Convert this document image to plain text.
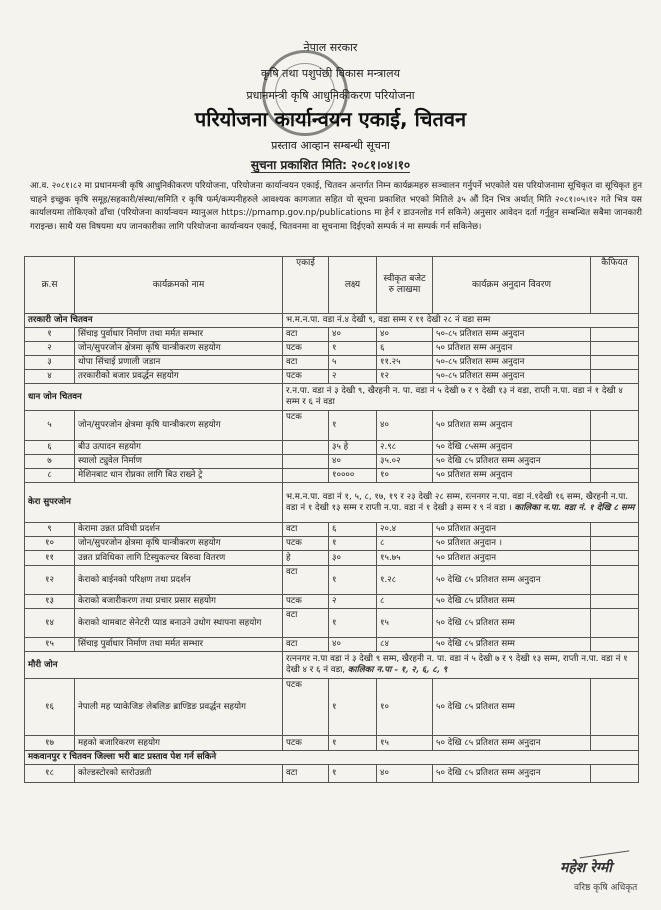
नेपाल सरकार
कृषि तथा पशुपंछी विकास मन्त्रालय
प्रधानमन्त्री कृषि आधुनिकीकरण परियोजना
परियोजना कार्यान्वयन एकाई, चितवन
प्रस्ताव आव्हान सम्बन्धी सूचना
सुचना प्रकाशित मिति: २०८१।०४।१०
आ.व. २०८१।८२ मा प्रधानमन्त्री कृषि आधुनिकीकरण परियोजना, परियोजना कार्यान्वयन एकाई, चितवन अन्तर्गत निम्न कार्यक्रमहरु सञ्चालन गर्नुपर्ने भएकोले यस परियोजनामा सूचिकृत वा सूचिकृत हुन चाहने इच्छुक कृषि समूह/सहकारी/संस्था/समिति र कृषि फर्म/कम्पनीहरुले आवश्यक कागजात सहित यो सूचना प्रकाशित भएको मितिले ३५ औं दिन भित्र अर्थात् मिति २०८१।०५।१२ गते भित्र यस कार्यालयमा तोकिएको ढाँचा (परियोजना कार्यान्वयन म्यानुअल https://pmamp.gov.np/publications मा हेर्न र डाउनलोड गर्न सकिने) अनुसार आवेदन दर्ता गर्नुहुन सम्बन्धित सबैमा जानकारी गराइन्छ। साथै यस विषयमा थप जानकारीका लागि परियोजना कार्यान्वयन एकाई, चितवनमा वा सूचनामा दिईएको सम्पर्क नं मा सम्पर्क गर्न सकिनेछ।
क्र.स	कार्यक्रमको नाम	एकाई	लक्ष्य	स्वीकृत बजेट रु लाखमा	कार्यक्रम अनुदान विवरण	कैफियत
तरकारी जोन चितवन		भ.म.न.पा. वडा नं.४ देखी ९, वडा सम्म र ११ देखी २८ नं वडा सम्म				
१	सिंचाइ पुर्वाधार निर्माण तथा मर्मत सम्भार	वटा	४०	४०	५०-८५ प्रतिशत सम्म अनुदान	
२	जोन/सुपरजोन क्षेत्रमा कृषि यान्त्रीकरण सहयोग	पटक	१	६	५० प्रतिशत सम्म अनुदान	
३	थोपा सिंचाई प्रणाली जडान	वटा	५	११.२५	५०-८५ प्रतिशत सम्म अनुदान	
४	तरकारीको बजार प्रवर्द्धन सहयोग	पटक	२	१२	५०-८५ प्रतिशत सम्म अनुदान	
धान जोन चितवन		र.न.पा. वडा नं ३ देखी ९, खैरहनी न. पा. वडा नं ५ देखी ७ र ९ देखी १३ नं वडा, राप्ती न.पा. वडा नं १ देखी ४ सम्म र ६ नं वडा				
५	जोन/सुपरजोन क्षेत्रमा कृषि यान्त्रीकरण सहयोग	पटक	१	४०	५० प्रतिशत सम्म अनुदान	
६	बीउ उत्पादन सहयोग		३५ हे	२.९८	५० देखि ८५सम्म अनुदान	
७	स्यालो ट्युवेल निर्माण		४०	३५.०२	५० देखि ८५ प्रतिशत सम्म अनुदान	
८	मेशिनबाट धान रोप्नका लागि बिउ राख्ने ट्रे		१००००	१०	५० प्रतिशत सम्म अनुदान	
केरा सुपरजोन		भ.म.न.पा. वडा नं १, ५, ८, १७, १९ र २३ देखी २८ सम्म, रत्ननगर न.पा. वडा नं.१देखी १६ सम्म, खैरहनी न.पा. वडा नं १ देखी १३ सम्म र राप्ती न.पा. वडा नं १ देखी ३ सम्म र ९ नं वडा । कालिका न.पा. वडा नं. १ देखि ८ सम्म				
९	केरामा उन्नत प्रविधी प्रदर्शन	वटा	६	२०.४	५० प्रतिशत अनुदान	
१०	जोन/सुपरजोन क्षेत्रमा कृषि यान्त्रीकरण सहयोग	पटक	१	८	५० प्रतिशत अनुदान ।	
११	उन्नत प्रविधिका लागि टिस्युकल्चर बिरुवा वितरण	हे	३०	१५.७५	५० प्रतिशत अनुदान	
१२	केराको बाईनको परिक्षण तथा प्रदर्शन	वटा	१	१.२८	५० देखि ८५ प्रतिशत सम्म अनुदान	
१३	केराको बजारीकरण तथा प्रचार प्रसार सहयोग	पटक	२	८	५० देखि ८५ प्रतिशत सम्म	
१४	केराको थामबाट सेनेटरी प्याड बनाउने उधोग स्थापना सहयोग	वटा	१	१५	५० देखि ८५ प्रतिशत सम्म	
१५	सिंचाइ पुर्वाधार निर्माण तथा मर्मत सम्भार	वटा	४०	८४	५० देखि ८५ प्रतिशत सम्म	
मौरी जोन		रत्ननगर न.पा वडा नं ३ देखी ९ सम्म, खैरहनी न. पा. वडा नं ५ देखी ७ र ९ देखी १३ सम्म, राप्ती न.पा. वडा नं १ देखी ४ र ६ नं वडा, कालिका न.पा - १, २, ६, ८, ९				
१६	नेपाली मह प्याकेजिङ लेबलिङ ब्राण्डिङ प्रवर्द्धन सहयोग	पटक	१	१०	५० देखि ८५ प्रतिशत सम्म	
१७	महको बजारिकरण सहयोग	पटक	१	१५	५० देखि ८५ प्रतिशत सम्म अनुदान	
मकवानपुर र चितवन जिल्ला भरी बाट प्रस्ताव पेश गर्न सकिने						
१८	कोल्डस्टोरको स्तरोउन्नती	वटा	१	४०	५० देखि ८५ प्रतिशत सम्म अनुदान	
महेश रेग्मी
वरिष्ठ कृषि अधिकृत
